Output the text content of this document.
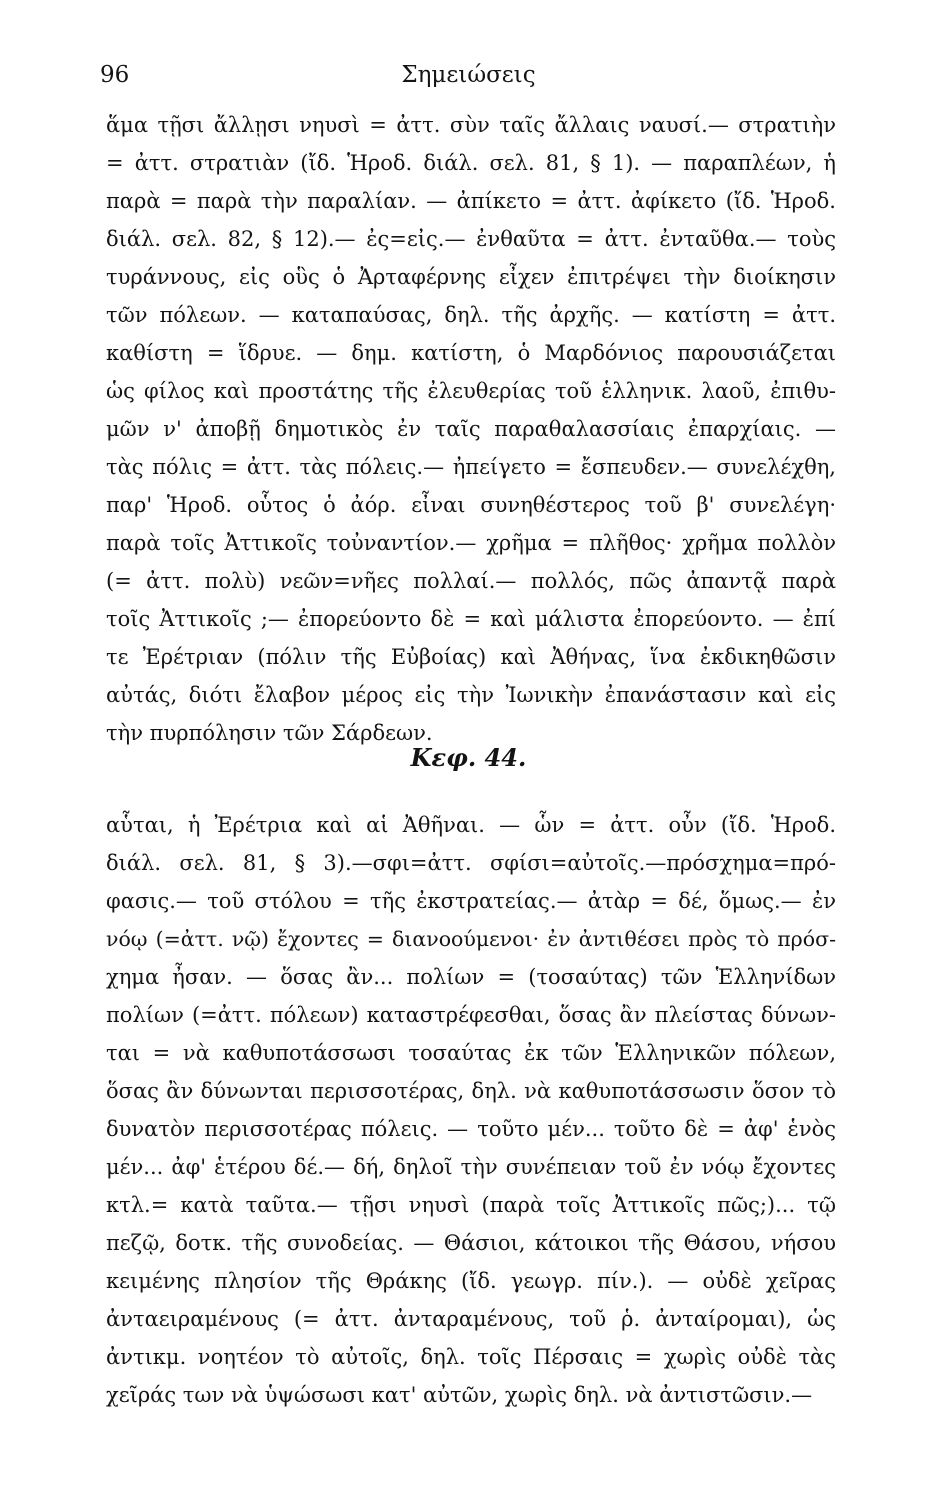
96	Σημειώσεις
ἅμα τῇσι ἄλλῃσι νηυσὶ = ἀττ. σὺν ταῖς ἄλλαις ναυσί.— στρατιὴν
= ἀττ. στρατιὰν (ἴδ. Ἡροδ. διάλ. σελ. 81, § 1). — παραπλέων, ἡ
παρὰ = παρὰ τὴν παραλίαν. — ἀπίκετο = ἀττ. ἀφίκετο (ἴδ. Ἡροδ.
διάλ. σελ. 82, § 12).— ἐς=εἰς.— ἐνθαῦτα = ἀττ. ἐνταῦθα.— τοὺς
τυράννους, εἰς οὓς ὁ Ἀρταφέρνης εἶχεν ἐπιτρέψει τὴν διοίκησιν
τῶν πόλεων. — καταπαύσας, δηλ. τῆς ἀρχῆς. — κατίστη = ἀττ.
καθίστη = ἵδρυε. — δημ. κατίστη, ὁ Μαρδόνιος παρουσιάζεται
ὡς φίλος καὶ προστάτης τῆς ἐλευθερίας τοῦ ἑλληνικ. λαοῦ, ἐπιθυ-
μῶν ν' ἀποβῇ δημοτικὸς ἐν ταῖς παραθαλασσίαις ἐπαρχίαις. —
τὰς πόλις = ἀττ. τὰς πόλεις.— ἠπείγετο = ἔσπευδεν.— συνελέχθη,
παρ' Ἡροδ. οὗτος ὁ ἀόρ. εἶναι συνηθέστερος τοῦ β' συνελέγη·
παρὰ τοῖς Ἀττικοῖς τοὐναντίον.— χρῆμα = πλῆθος· χρῆμα πολλὸν
(= ἀττ. πολὺ) νεῶν=νῆες πολλαί.— πολλός, πῶς ἀπαντᾷ παρὰ
τοῖς Ἀττικοῖς ;— ἐπορεύοντο δὲ = καὶ μάλιστα ἐπορεύοντο. — ἐπί
τε Ἐρέτριαν (πόλιν τῆς Εὐβοίας) καὶ Ἀθήνας, ἵνα ἐκδικηθῶσιν
αὐτάς, διότι ἔλαβον μέρος εἰς τὴν Ἰωνικὴν ἐπανάστασιν καὶ εἰς
τὴν πυρπόλησιν τῶν Σάρδεων.
Κεφ. 44.
αὗται, ἡ Ἐρέτρια καὶ αἱ Ἀθῆναι. — ὧν = ἀττ. οὖν (ἴδ. Ἡροδ.
διάλ. σελ. 81, § 3).—σφι=ἀττ. σφίσι=αὐτοῖς.—πρόσχημα=πρό-
φασις.— τοῦ στόλου = τῆς ἐκστρατείας.— ἀτὰρ = δέ, ὅμως.— ἐν
νόῳ (=ἀττ. νῷ) ἔχοντες = διανοούμενοι· ἐν ἀντιθέσει πρὸς τὸ πρόσ-
χημα ἦσαν. — ὅσας ἂν... πολίων = (τοσαύτας) τῶν Ἑλληνίδων
πολίων (=ἀττ. πόλεων) καταστρέφεσθαι, ὅσας ἂν πλείστας δύνων-
ται = νὰ καθυποτάσσωσι τοσαύτας ἐκ τῶν Ἑλληνικῶν πόλεων,
ὅσας ἂν δύνωνται περισσοτέρας, δηλ. νὰ καθυποτάσσωσιν ὅσον τὸ
δυνατὸν περισσοτέρας πόλεις. — τοῦτο μέν... τοῦτο δὲ = ἀφ' ἑνὸς
μέν... ἀφ' ἑτέρου δέ.— δή, δηλοῖ τὴν συνέπειαν τοῦ ἐν νόῳ ἔχοντες
κτλ.= κατὰ ταῦτα.— τῇσι νηυσὶ (παρὰ τοῖς Ἀττικοῖς πῶς;)... τῷ
πεζῷ, δοτκ. τῆς συνοδείας. — Θάσιοι, κάτοικοι τῆς Θάσου, νήσου
κειμένης πλησίον τῆς Θράκης (ἴδ. γεωγρ. πίν.). — οὐδὲ χεῖρας
ἀνταειραμένους (= ἀττ. ἀνταραμένους, τοῦ ῥ. ἀνταίρομαι), ὡς
ἀντικμ. νοητέον τὸ αὐτοῖς, δηλ. τοῖς Πέρσαις = χωρὶς οὐδὲ τὰς
χεῖράς των νὰ ὑψώσωσι κατ' αὐτῶν, χωρὶς δηλ. νὰ ἀντιστῶσιν.—
